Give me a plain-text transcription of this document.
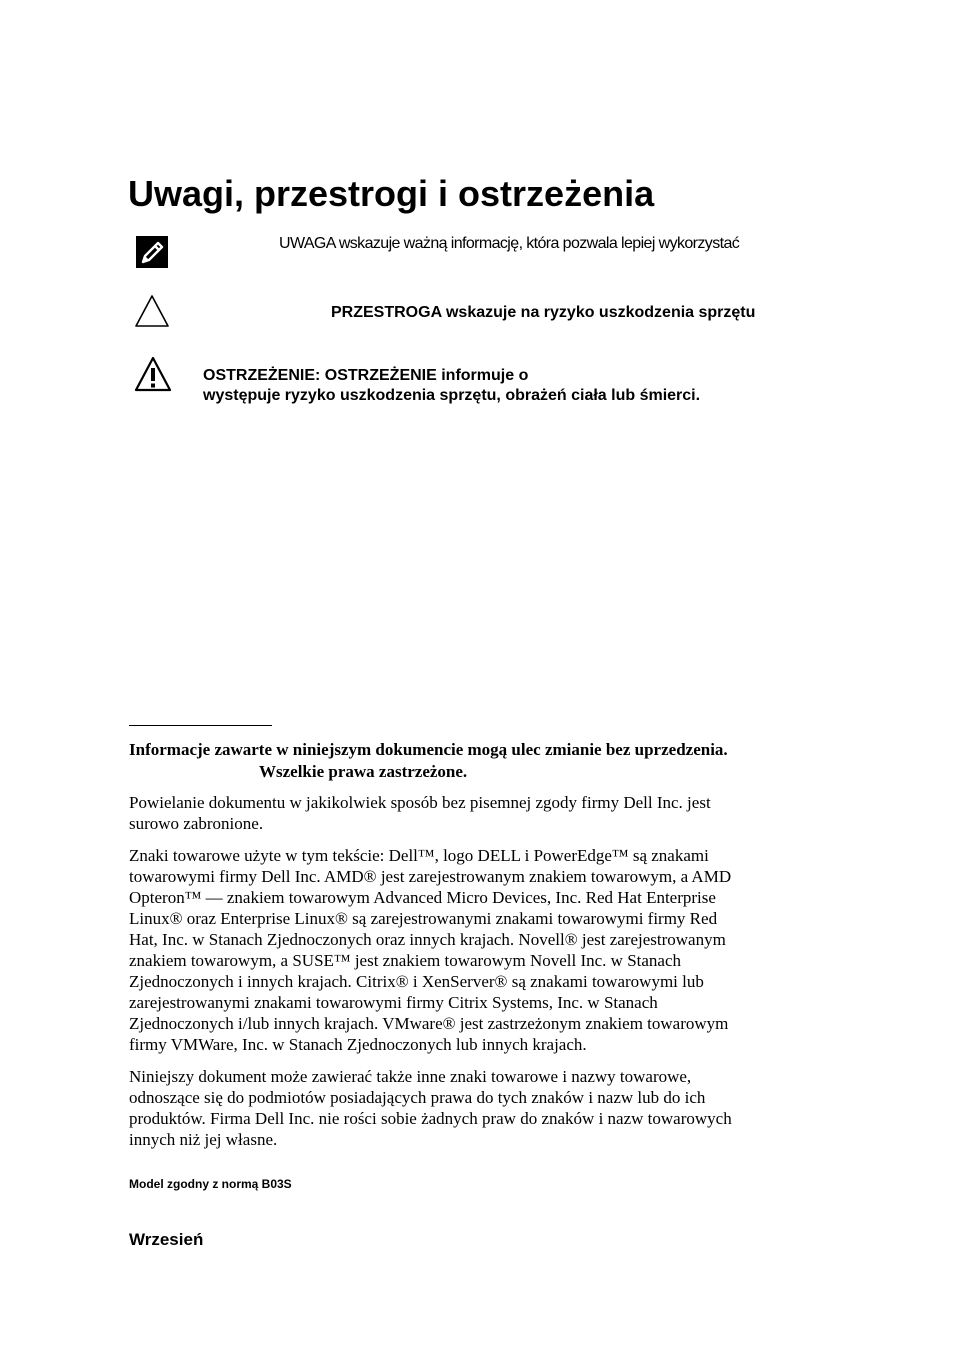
Uwagi, przestrogi i ostrzeżenia
UWAGA wskazuje ważną informację, która pozwala lepiej wykorzystać
PRZESTROGA wskazuje na ryzyko uszkodzenia sprzętu
OSTRZEŻENIE: OSTRZEŻENIE informuje o
występuje ryzyko uszkodzenia sprzętu, obrażeń ciała lub śmierci.
Informacje zawarte w niniejszym dokumencie mogą ulec zmianie bez uprzedzenia.
Wszelkie prawa zastrzeżone.
Powielanie dokumentu w jakikolwiek sposób bez pisemnej zgody firmy Dell Inc. jest
surowo zabronione.
Znaki towarowe użyte w tym tekście: Dell™, logo DELL i PowerEdge™ są znakami
towarowymi firmy Dell Inc. AMD® jest zarejestrowanym znakiem towarowym, a AMD
Opteron™ — znakiem towarowym Advanced Micro Devices, Inc. Red Hat Enterprise
Linux® oraz Enterprise Linux® są zarejestrowanymi znakami towarowymi firmy Red
Hat, Inc. w Stanach Zjednoczonych oraz innych krajach. Novell® jest zarejestrowanym
znakiem towarowym, a SUSE™ jest znakiem towarowym Novell Inc. w Stanach
Zjednoczonych i innych krajach. Citrix® i XenServer® są znakami towarowymi lub
zarejestrowanymi znakami towarowymi firmy Citrix Systems, Inc. w Stanach
Zjednoczonych i/lub innych krajach. VMware® jest zastrzeżonym znakiem towarowym
firmy VMWare, Inc. w Stanach Zjednoczonych lub innych krajach.
Niniejszy dokument może zawierać także inne znaki towarowe i nazwy towarowe,
odnoszące się do podmiotów posiadających prawa do tych znaków i nazw lub do ich
produktów. Firma Dell Inc. nie rości sobie żadnych praw do znaków i nazw towarowych
innych niż jej własne.
Model zgodny z normą B03S
Wrzesień
